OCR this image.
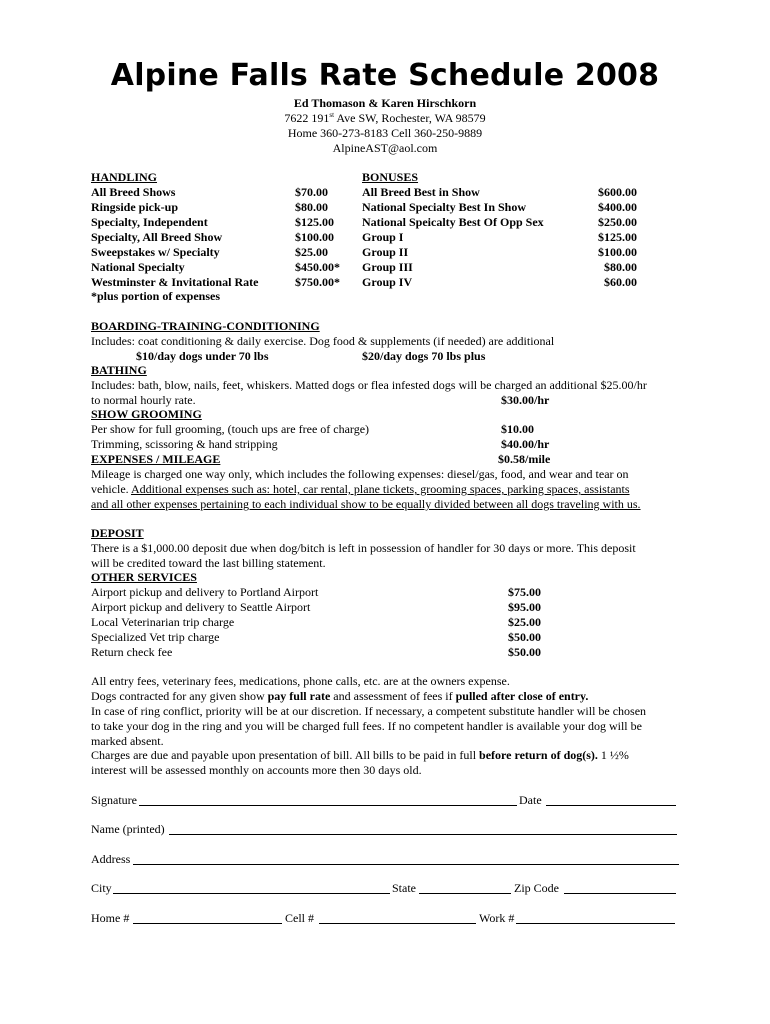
Alpine Falls Rate Schedule 2008
Ed Thomason & Karen Hirschkorn
7622 191st Ave SW, Rochester, WA 98579
Home 360-273-8183 Cell 360-250-9889
AlpineAST@aol.com
HANDLING
All Breed Shows	$70.00
Ringside pick-up	$80.00
Specialty, Independent	$125.00
Specialty, All Breed Show	$100.00
Sweepstakes w/ Specialty	$25.00
National Specialty	$450.00*
Westminster & Invitational Rate	$750.00*
*plus portion of expenses
BONUSES
All Breed Best in Show	$600.00
National Specialty Best In Show	$400.00
National Speicalty Best Of Opp Sex	$250.00
Group I	$125.00
Group II	$100.00
Group III	$80.00
Group IV	$60.00
BOARDING-TRAINING-CONDITIONING
Includes: coat conditioning & daily exercise. Dog food & supplements (if needed) are additional
$10/day dogs under 70 lbs	$20/day dogs 70 lbs plus
BATHING
Includes: bath, blow, nails, feet, whiskers. Matted dogs or flea infested dogs will be charged an additional $25.00/hr
to normal hourly rate.	$30.00/hr
SHOW GROOMING
Per show for full grooming, (touch ups are free of charge)	$10.00
Trimming, scissoring & hand stripping	$40.00/hr
EXPENSES / MILEAGE	$0.58/mile
Mileage is charged one way only, which includes the following expenses: diesel/gas, food, and wear and tear on
vehicle. Additional expenses such as: hotel, car rental, plane tickets, grooming spaces, parking spaces, assistants
and all other expenses pertaining to each individual show to be equally divided between all dogs traveling with us.
DEPOSIT
There is a $1,000.00 deposit due when dog/bitch is left in possession of handler for 30 days or more. This deposit
will be credited toward the last billing statement.
OTHER SERVICES
Airport pickup and delivery to Portland Airport	$75.00
Airport pickup and delivery to Seattle Airport	$95.00
Local Veterinarian trip charge	$25.00
Specialized Vet trip charge	$50.00
Return check fee	$50.00
All entry fees, veterinary fees, medications, phone calls, etc. are at the owners expense.
Dogs contracted for any given show pay full rate and assessment of fees if pulled after close of entry.
In case of ring conflict, priority will be at our discretion. If necessary, a competent substitute handler will be chosen
to take your dog in the ring and you will be charged full fees. If no competent handler is available your dog will be
marked absent.
Charges are due and payable upon presentation of bill. All bills to be paid in full before return of dog(s). 1 ½%
interest will be assessed monthly on accounts more then 30 days old.
Signature	Date
Name (printed)
Address
City	State	Zip Code
Home #	Cell #	Work #
